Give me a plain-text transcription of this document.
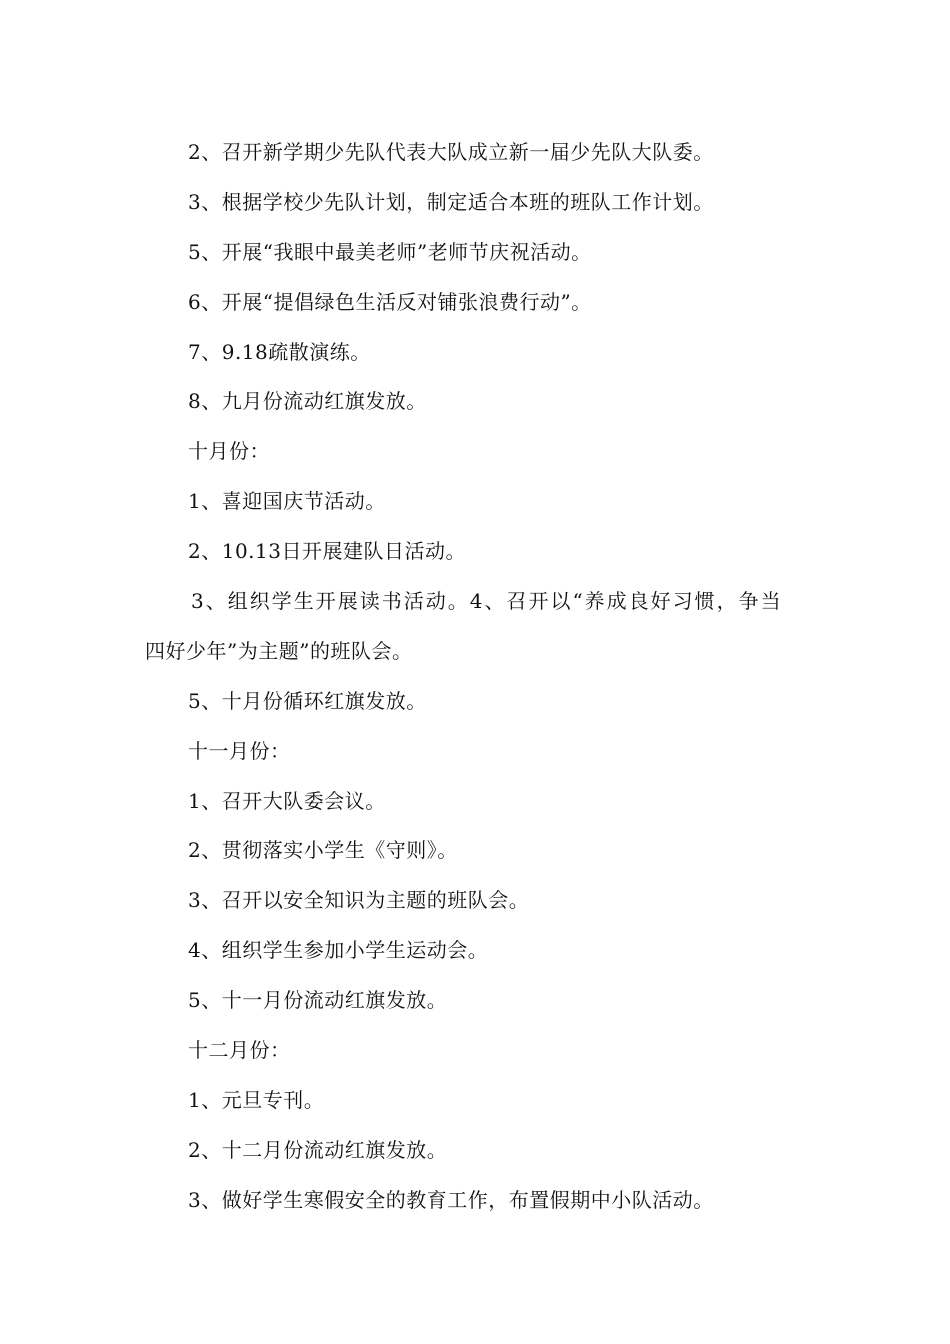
2、召开新学期少先队代表大队成立新一届少先队大队委。
3、根据学校少先队计划，制定适合本班的班队工作计划。
5、开展“我眼中最美老师”老师节庆祝活动。
6、开展“提倡绿色生活反对铺张浪费行动”。
7、9.18疏散演练。
8、九月份流动红旗发放。
十月份：
1、喜迎国庆节活动。
2、10.13日开展建队日活动。
3、组织学生开展读书活动。4、召开以“养成良好习惯，争当
四好少年”为主题”的班队会。
5、十月份循环红旗发放。
十一月份：
1、召开大队委会议。
2、贯彻落实小学生《守则》。
3、召开以安全知识为主题的班队会。
4、组织学生参加小学生运动会。
5、十一月份流动红旗发放。
十二月份：
1、元旦专刊。
2、十二月份流动红旗发放。
3、做好学生寒假安全的教育工作，布置假期中小队活动。
